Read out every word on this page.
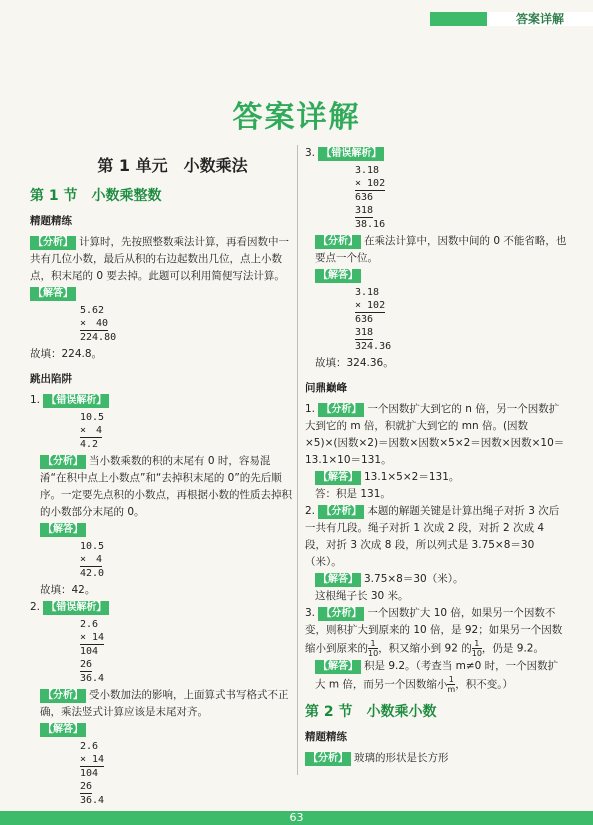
答案详解
答案详解
第 1 单元　小数乘法
第 1 节　小数乘整数
精题精练

【分析】 计算时，先按照整数乘法计算，再看因数中一共有几位小数，最后从积的右边起数出几位，点上小数点，积末尾的 0 要去掉。此题可以利用简便写法计算。

【解答】

5.62
×　40
224.80

故填：224.8。

跳出陷阱

1. 【错误解析】

10.5
×　4
4.2

【分析】 当小数乘数的积的末尾有 0 时，容易混淆“在积中点上小数点”和“去掉积末尾的 0”的先后顺序。一定要先点积的小数点，再根据小数的性质去掉积的小数部分末尾的 0。

【解答】

10.5
×　4
42.0

故填：42。

2. 【错误解析】

2.6
× 14
104
26
36.4

【分析】 受小数加法的影响，上面算式书写格式不正确，乘法竖式计算应该是末尾对齐。

【解答】

2.6
× 14
104
26
36.4

3. 【错误解析】

3.18
× 102
636
318
38.16

【分析】 在乘法计算中，因数中间的 0 不能省略，也要点一个位。

【解答】

3.18
× 102
636
318
324.36

故填：324.36。

问鼎巅峰

1. 【分析】 一个因数扩大到它的 n 倍，另一个因数扩大到它的 m 倍，积就扩大到它的 mn 倍。(因数×5)×(因数×2)＝因数×因数×5×2＝因数×因数×10＝13.1×10＝131。

【解答】 13.1×5×2＝131。

答：积是 131。

2. 【分析】 本题的解题关键是计算出绳子对折 3 次后一共有几段。绳子对折 1 次成 2 段，对折 2 次成 4 段，对折 3 次成 8 段，所以列式是 3.75×8＝30（米）。

【解答】 3.75×8＝30（米）。

这根绳子长 30 米。

3. 【分析】 一个因数扩大 10 倍，如果另一个因数不变，则积扩大到原来的 10 倍，是 92；如果另一个因数缩小到原来的 $\frac{1}{10}$ ，积又缩小到 92 的 $\frac{1}{10}$ ，仍是 9.2。

【解答】 积是 9.2。（考查当 m≠0 时，一个因数扩大 m 倍，而另一个因数缩小 $\frac{1}{m}$ ，积不变。）

第 2 节　小数乘小数
精题精练

【分析】 玻璃的形状是长方形

63
